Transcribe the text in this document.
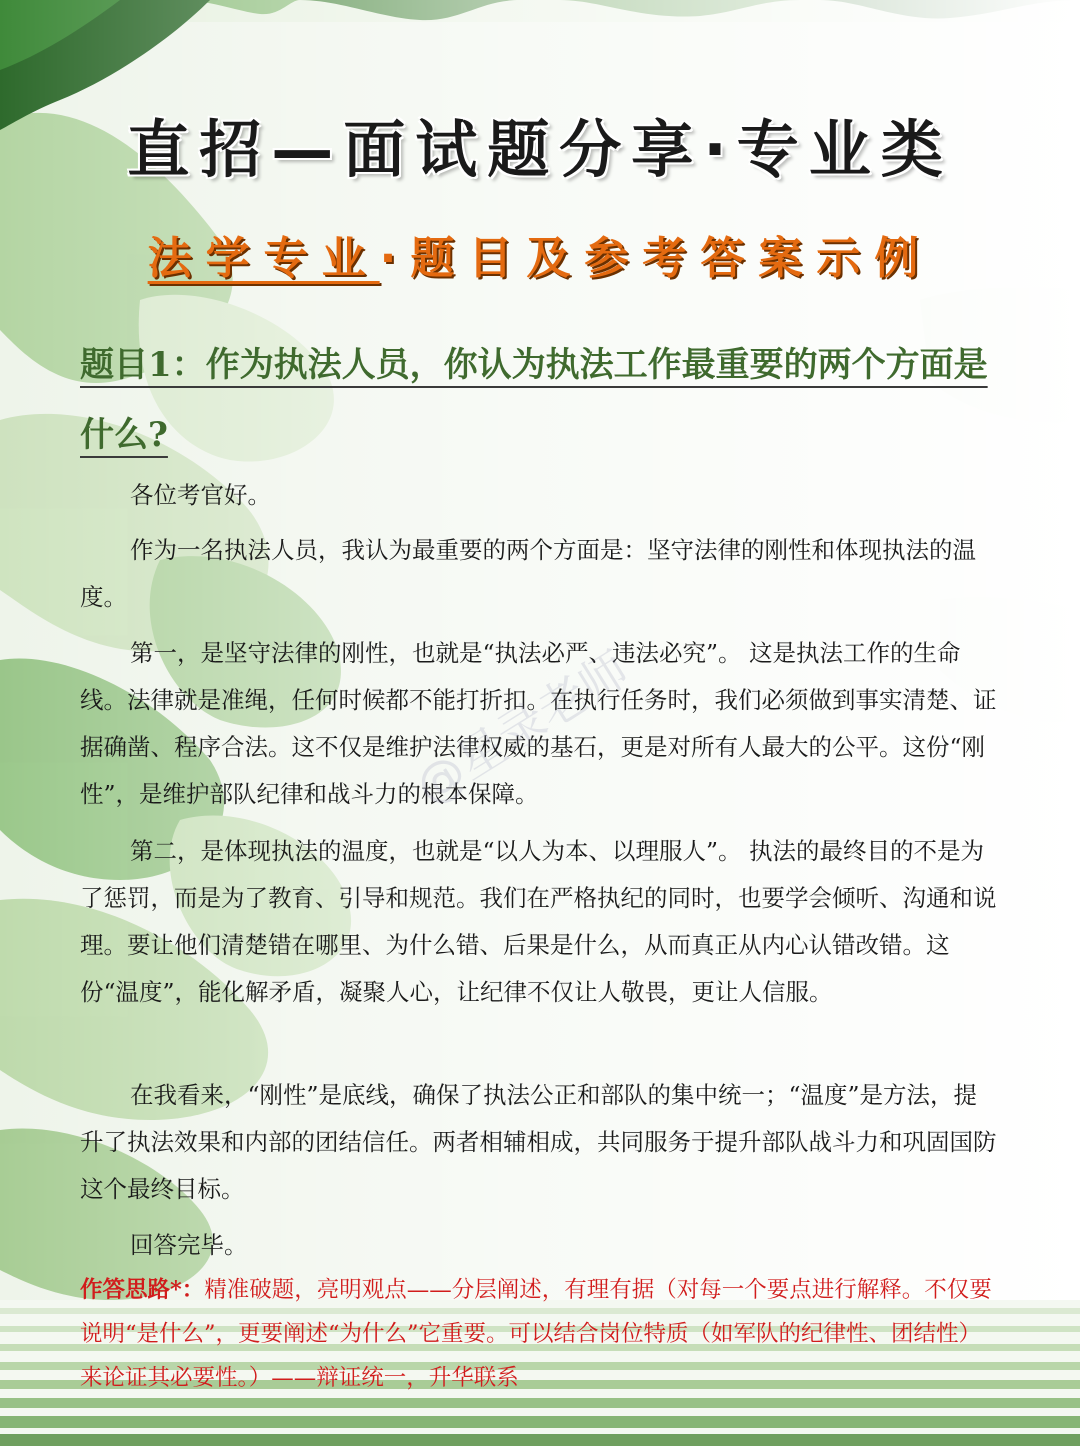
直招—面试题分享·专业类
法学专业·题目及参考答案示例
题目1：作为执法人员，你认为执法工作最重要的两个方面是什么?

各位考官好。

作为一名执法人员，我认为最重要的两个方面是：坚守法律的刚性和体现执法的温度。

第一，是坚守法律的刚性，也就是“执法必严、违法必究”。 这是执法工作的生命线。法律就是准绳，任何时候都不能打折扣。在执行任务时，我们必须做到事实清楚、证据确凿、程序合法。这不仅是维护法律权威的基石，更是对所有人最大的公平。这份“刚性”，是维护部队纪律和战斗力的根本保障。

第二，是体现执法的温度，也就是“以人为本、以理服人”。 执法的最终目的不是为了惩罚，而是为了教育、引导和规范。我们在严格执纪的同时，也要学会倾听、沟通和说理。要让他们清楚错在哪里、为什么错、后果是什么，从而真正从内心认错改错。这份“温度”，能化解矛盾，凝聚人心，让纪律不仅让人敬畏，更让人信服。

在我看来，“刚性”是底线，确保了执法公正和部队的集中统一；“温度”是方法，提升了执法效果和内部的团结信任。两者相辅相成，共同服务于提升部队战斗力和巩固国防这个最终目标。

回答完毕。

作答思路*：精准破题，亮明观点——分层阐述，有理有据（对每一个要点进行解释。不仅要说明“是什么”，更要阐述“为什么”它重要。可以结合岗位特质（如军队的纪律性、团结性）来论证其必要性。）——辩证统一，升华联系

@星录老师
